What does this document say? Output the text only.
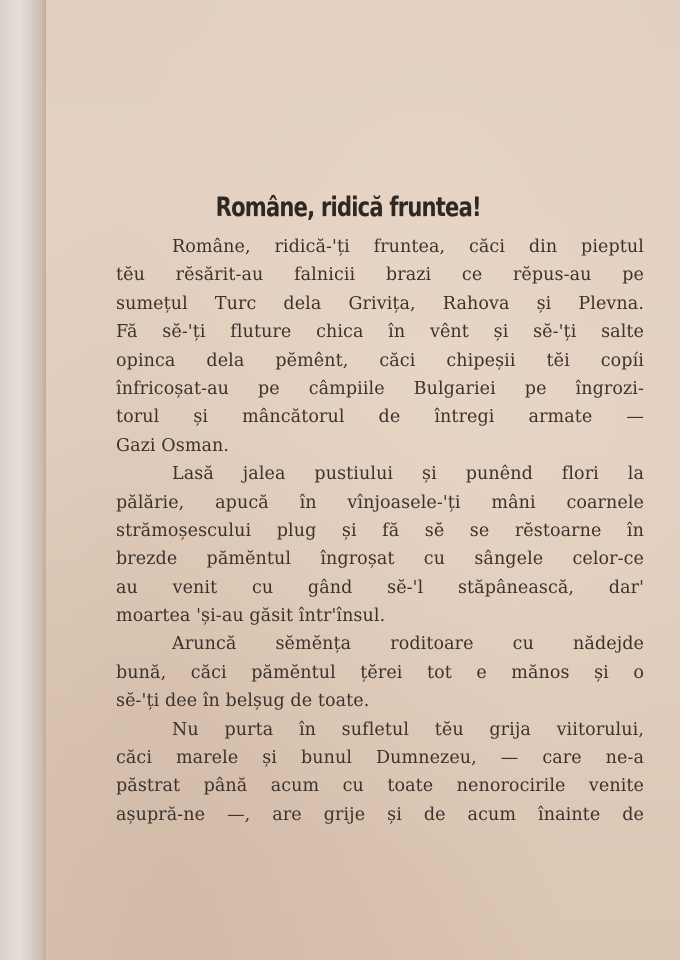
Române, ridică fruntea!
Române, ridică-'ți fruntea, căci din pieptul
tĕu rĕsărit-au falnicii brazi ce rĕpus-au pe
sumețul Turc dela Grivița, Rahova și Plevna.
Fă sĕ-'ți fluture chica în vênt și sĕ-'ți salte
opinca dela pĕmênt, căci chipeșii tĕi copíi
înfricoșat-au pe câmpiile Bulgariei pe îngrozi-
torul și mâncătorul de întregi armate —
Gazi Osman.
Lasă jalea pustiului și punênd flori la
pălărie, apucă în vînjoasele-'ți mâni coarnele
strămoșescului plug și fă sĕ se rĕstoarne în
brezde pămĕntul îngroșat cu sângele celor-ce
au venit cu gând sĕ-'l stăpânească, dar'
moartea 'și-au găsit într'însul.
Aruncă sĕmĕnța roditoare cu nădejde
bună, căci pămĕntul țĕrei tot e mănos și o
sĕ-'ți dee în belșug de toate.
Nu purta în sufletul tĕu grija viitorului,
căci marele și bunul Dumnezeu, — care ne-a
păstrat până acum cu toate nenorocirile venite
așupră-ne —, are grije și de acum înainte de
